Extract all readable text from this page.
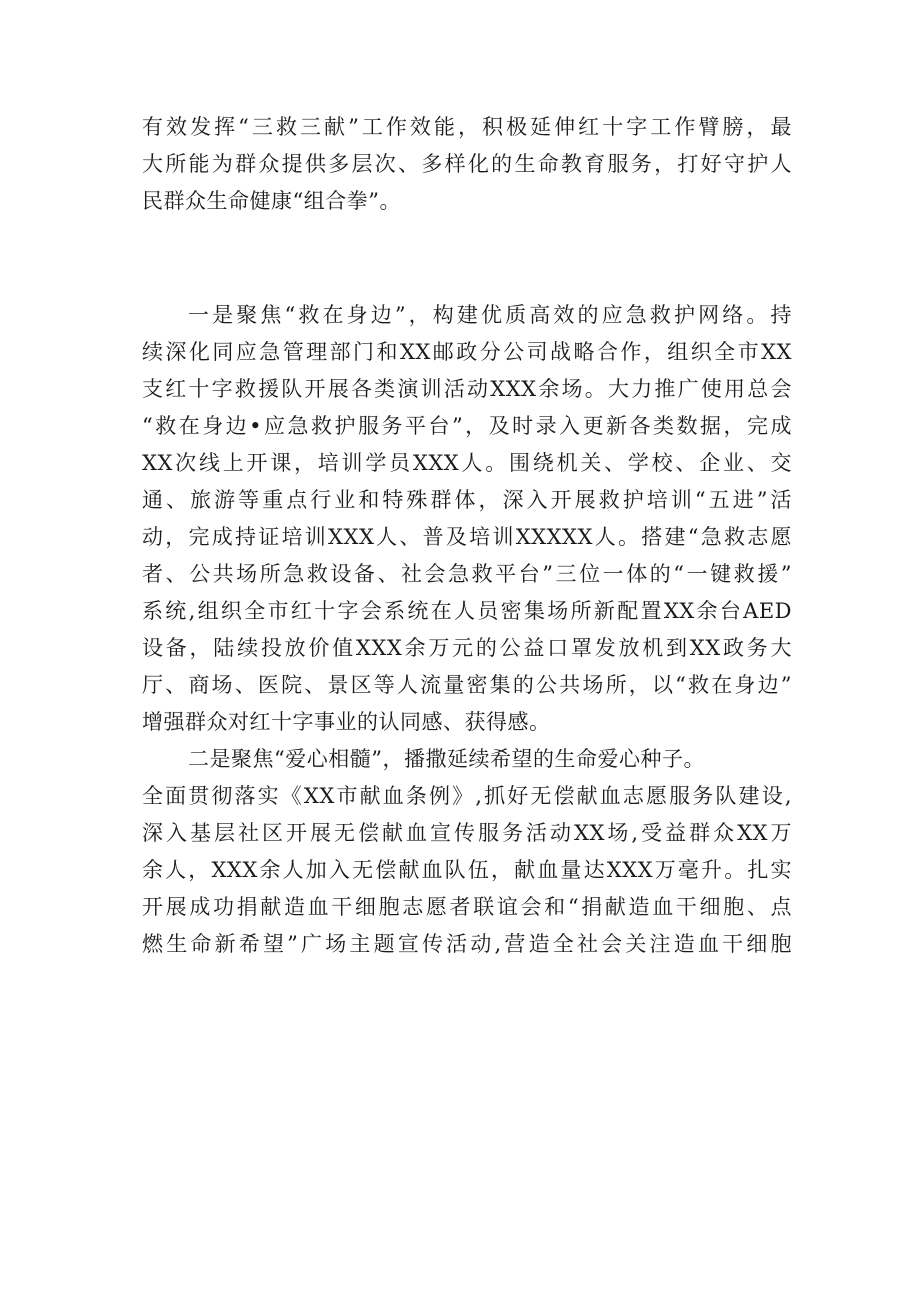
有效发挥“三救三献”工作效能，积极延伸红十字工作臂膀，最
大所能为群众提供多层次、多样化的生命教育服务，打好守护人
民群众生命健康“组合拳”。
一是聚焦“救在身边”，构建优质高效的应急救护网络。持
续深化同应急管理部门和XX邮政分公司战略合作，组织全市XX
支红十字救援队开展各类演训活动XXX余场。大力推广使用总会
“救在身边•应急救护服务平台”，及时录入更新各类数据，完成
XX次线上开课，培训学员XXX人。围绕机关、学校、企业、交
通、旅游等重点行业和特殊群体，深入开展救护培训“五进”活
动，完成持证培训XXX人、普及培训XXXXX人。搭建“急救志愿
者、公共场所急救设备、社会急救平台”三位一体的“一键救援”
系统,组织全市红十字会系统在人员密集场所新配置XX余台AED
设备，陆续投放价值XXX余万元的公益口罩发放机到XX政务大
厅、商场、医院、景区等人流量密集的公共场所，以“救在身边”
增强群众对红十字事业的认同感、获得感。
二是聚焦“爱心相髓”，播撒延续希望的生命爱心种子。
全面贯彻落实《XX市献血条例》,抓好无偿献血志愿服务队建设,
深入基层社区开展无偿献血宣传服务活动XX场,受益群众XX万
余人，XXX余人加入无偿献血队伍，献血量达XXX万毫升。扎实
开展成功捐献造血干细胞志愿者联谊会和“捐献造血干细胞、点
燃生命新希望”广场主题宣传活动,营造全社会关注造血干细胞
